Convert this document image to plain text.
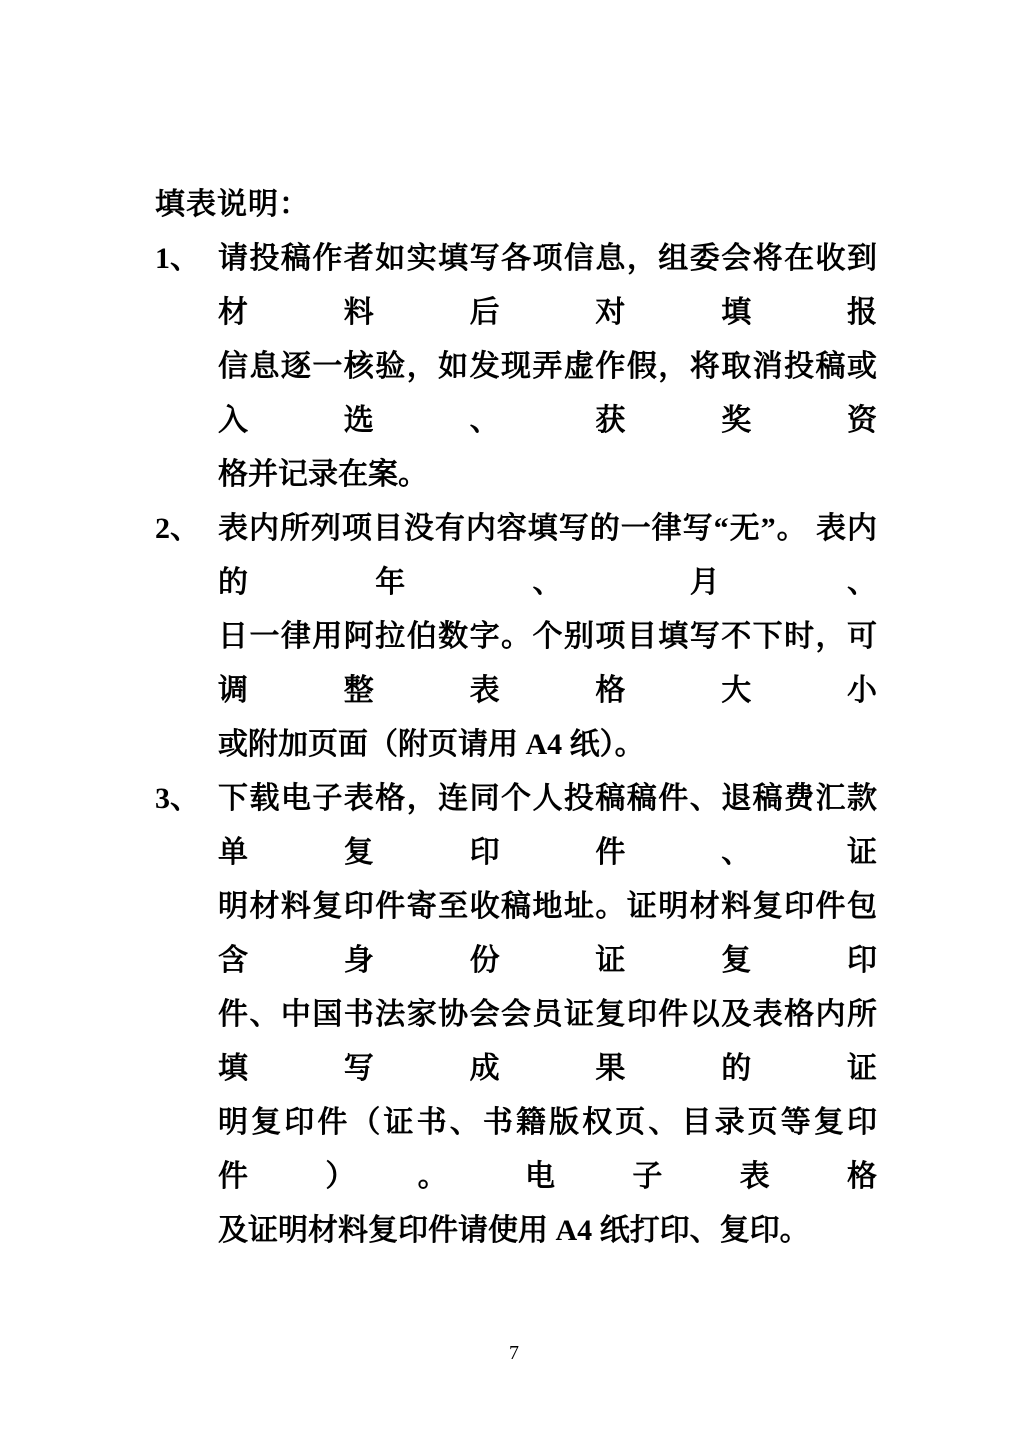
填表说明：
1、 请投稿作者如实填写各项信息，组委会将在收到材料后对填报
信息逐一核验，如发现弄虚作假，将取消投稿或入选、获奖资
格并记录在案。
2、 表内所列项目没有内容填写的一律写“无”。 表内的年、月、
日一律用阿拉伯数字。个别项目填写不下时，可调整表格大小
或附加页面（附页请用 A4 纸）。
3、 下载电子表格，连同个人投稿稿件、退稿费汇款单复印件、证
明材料复印件寄至收稿地址。证明材料复印件包含身份证复印
件、中国书法家协会会员证复印件以及表格内所填写成果的证
明复印件（证书、书籍版权页、目录页等复印件）。电子表格
及证明材料复印件请使用 A4 纸打印、复印。
7
